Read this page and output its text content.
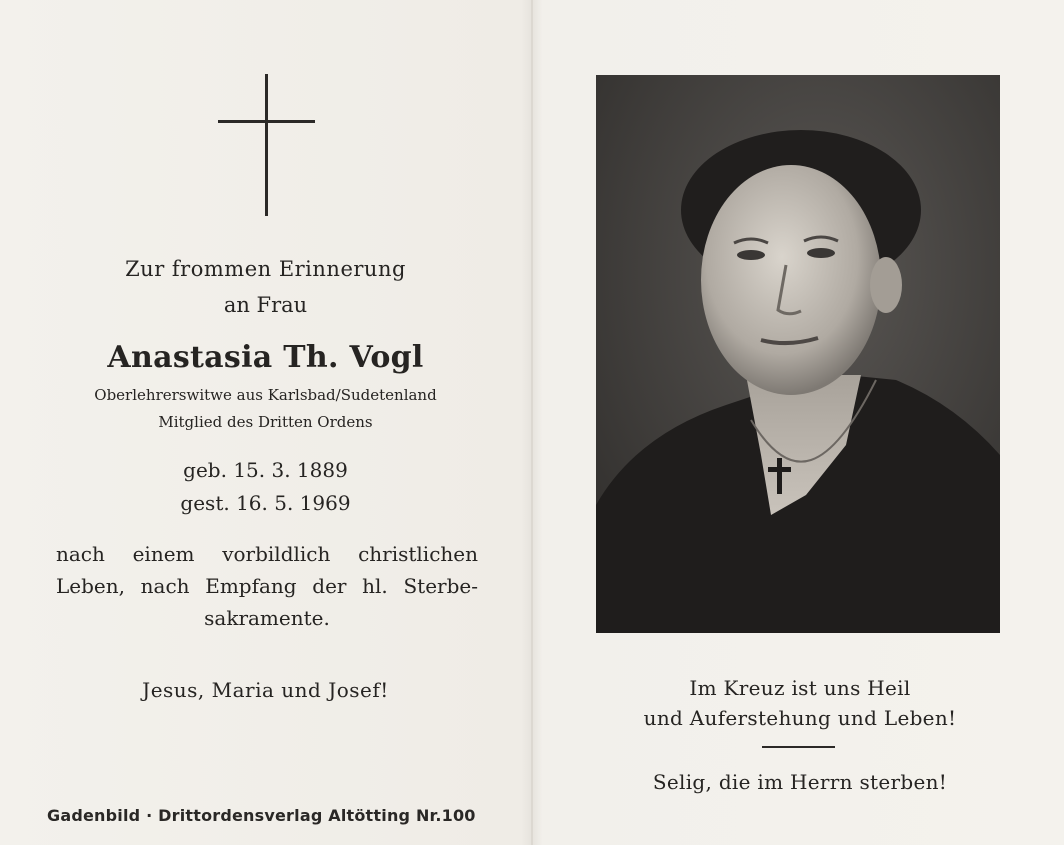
Zur frommen Erinnerung
an Frau
Anastasia Th. Vogl
Oberlehrerswitwe aus Karlsbad/Sudetenland
Mitglied des Dritten Ordens
geb. 15. 3. 1889
gest. 16. 5. 1969
nach einem vorbildlich christlichen
Leben, nach Empfang der hl. Sterbe-
sakramente.
Jesus, Maria und Josef!
Gadenbild · Drittordensverlag Altötting Nr.100
Im Kreuz ist uns Heil
und Auferstehung und Leben!
Selig, die im Herrn sterben!
